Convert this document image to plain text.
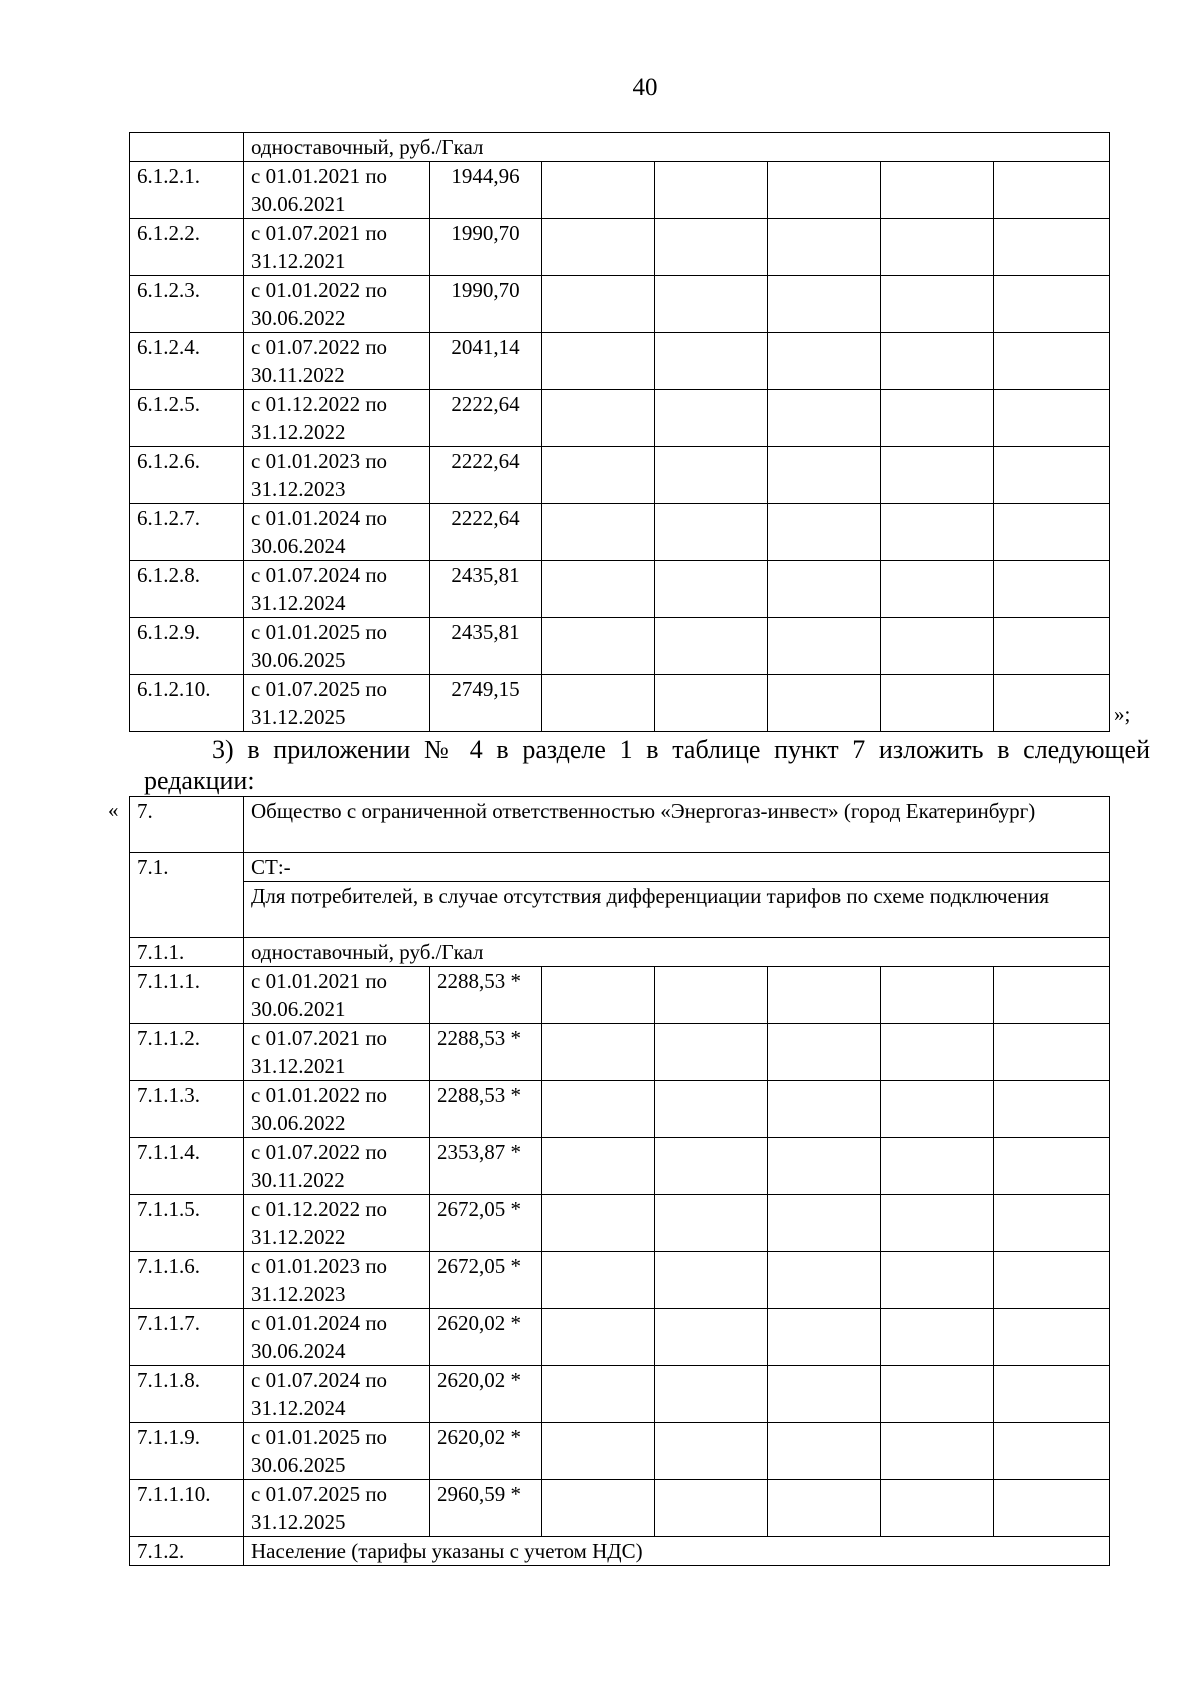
40
	одноставочный, руб./Гкал						
6.1.2.1.	с 01.01.2021 по 30.06.2021	1944,96					
6.1.2.2.	с 01.07.2021 по 31.12.2021	1990,70					
6.1.2.3.	с 01.01.2022 по 30.06.2022	1990,70					
6.1.2.4.	с 01.07.2022 по 30.11.2022	2041,14					
6.1.2.5.	с 01.12.2022 по 31.12.2022	2222,64					
6.1.2.6.	с 01.01.2023 по 31.12.2023	2222,64					
6.1.2.7.	с 01.01.2024 по 30.06.2024	2222,64					
6.1.2.8.	с 01.07.2024 по 31.12.2024	2435,81					
6.1.2.9.	с 01.01.2025 по 30.06.2025	2435,81					
6.1.2.10.	с 01.07.2025 по 31.12.2025	2749,15					
»;
3) в приложении № 4 в разделе 1 в таблице пункт 7 изложить в следующей
редакции:
« 7.	Общество с ограниченной ответственностью «Энергогаз-инвест» (город Екатеринбург)						
7.1.	СТ:-						
	Для потребителей, в случае отсутствия дифференциации тарифов по схеме подключения						
7.1.1.	одноставочный, руб./Гкал						
7.1.1.1.	с 01.01.2021 по 30.06.2021	2288,53 *					
7.1.1.2.	с 01.07.2021 по 31.12.2021	2288,53 *					
7.1.1.3.	с 01.01.2022 по 30.06.2022	2288,53 *					
7.1.1.4.	с 01.07.2022 по 30.11.2022	2353,87 *					
7.1.1.5.	с 01.12.2022 по 31.12.2022	2672,05 *					
7.1.1.6.	с 01.01.2023 по 31.12.2023	2672,05 *					
7.1.1.7.	с 01.01.2024 по 30.06.2024	2620,02 *					
7.1.1.8.	с 01.07.2024 по 31.12.2024	2620,02 *					
7.1.1.9.	с 01.01.2025 по 30.06.2025	2620,02 *					
7.1.1.10.	с 01.07.2025 по 31.12.2025	2960,59 *					
7.1.2.	Население (тарифы указаны с учетом НДС)						
